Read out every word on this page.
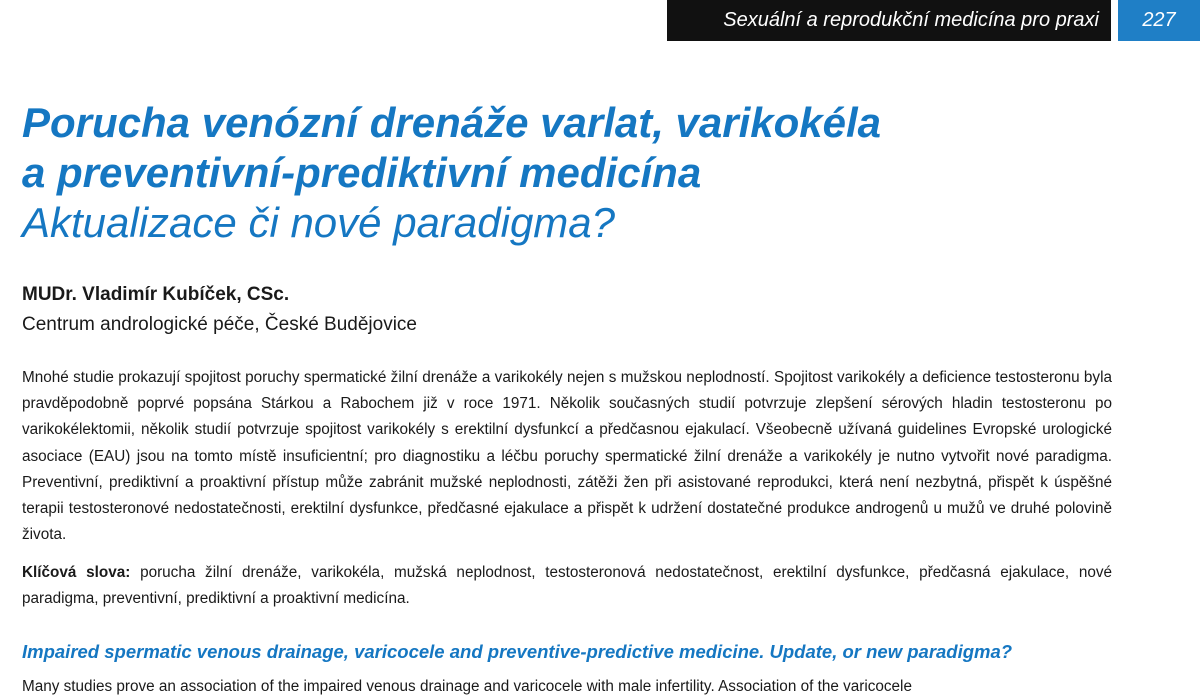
Sexuální a reprodukční medicína pro praxi	227
Porucha venózní drenáže varlat, varikokéla
a preventivní-prediktivní medicína
Aktualizace či nové paradigma?
MUDr. Vladimír Kubíček, CSc.
Centrum andrologické péče, České Budějovice

Mnohé studie prokazují spojitost poruchy spermatické žilní drenáže a varikokély nejen s mužskou neplodností. Spojitost varikokély a deficience testosteronu byla pravděpodobně poprvé popsána Stárkou a Rabochem již v roce 1971. Několik současných studií potvrzuje zlepšení sérových hladin testosteronu po varikokélektomii, několik studií potvrzuje spojitost varikokély s erektilní dysfunkcí a předčasnou ejakulací. Všeobecně užívaná guidelines Evropské urologické asociace (EAU) jsou na tomto místě insuficientní; pro diagnostiku a léčbu poruchy spermatické žilní drenáže a varikokély je nutno vytvořit nové paradigma. Preventivní, prediktivní a proaktivní přístup může zabránit mužské neplodnosti, zátěži žen při asistované reprodukci, která není nezbytná, přispět k úspěšné terapii testosteronové nedostatečnosti, erektilní dysfunkce, předčasné ejakulace a přispět k udržení dostatečné produkce androgenů u mužů ve druhé polovině života.

Klíčová slova: porucha žilní drenáže, varikokéla, mužská neplodnost, testosteronová nedostatečnost, erektilní dysfunkce, předčasná ejakulace, nové paradigma, preventivní, prediktivní a proaktivní medicína.

Impaired spermatic venous drainage, varicocele and preventive-predictive medicine. Update, or new paradigma?

Many studies prove an association of the impaired venous drainage and varicocele with male infertility. Association of the varicocele
